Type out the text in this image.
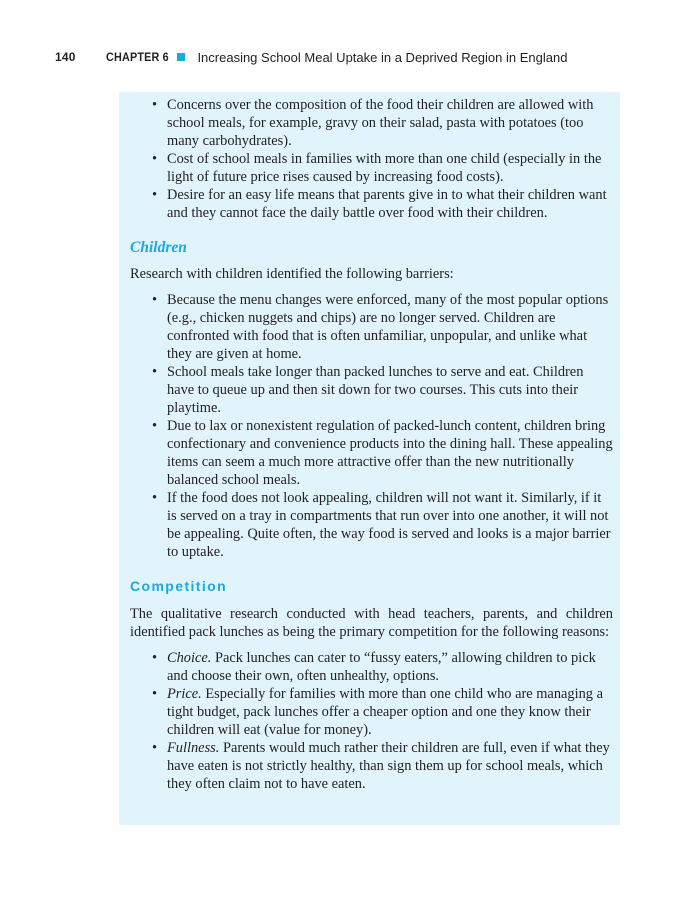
140	CHAPTER 6 Increasing School Meal Uptake in a Deprived Region in England
• Concerns over the composition of the food their children are allowed with school meals, for example, gravy on their salad, pasta with potatoes (too many carbohydrates).
• Cost of school meals in families with more than one child (especially in the light of future price rises caused by increasing food costs).
• Desire for an easy life means that parents give in to what their children want and they cannot face the daily battle over food with their children.
Children
Research with children identified the following barriers:
• Because the menu changes were enforced, many of the most popular options (e.g., chicken nuggets and chips) are no longer served. Children are confronted with food that is often unfamiliar, unpopular, and unlike what they are given at home.
• School meals take longer than packed lunches to serve and eat. Children have to queue up and then sit down for two courses. This cuts into their playtime.
• Due to lax or nonexistent regulation of packed-lunch content, children bring confectionary and convenience products into the dining hall. These appealing items can seem a much more attractive offer than the new nutritionally balanced school meals.
• If the food does not look appealing, children will not want it. Similarly, if it is served on a tray in compartments that run over into one another, it will not be appealing. Quite often, the way food is served and looks is a major barrier to uptake.
Competition
The qualitative research conducted with head teachers, parents, and children identified pack lunches as being the primary competition for the following reasons:
• Choice. Pack lunches can cater to “fussy eaters,” allowing children to pick and choose their own, often unhealthy, options.
• Price. Especially for families with more than one child who are managing a tight budget, pack lunches offer a cheaper option and one they know their children will eat (value for money).
• Fullness. Parents would much rather their children are full, even if what they have eaten is not strictly healthy, than sign them up for school meals, which they often claim not to have eaten.
